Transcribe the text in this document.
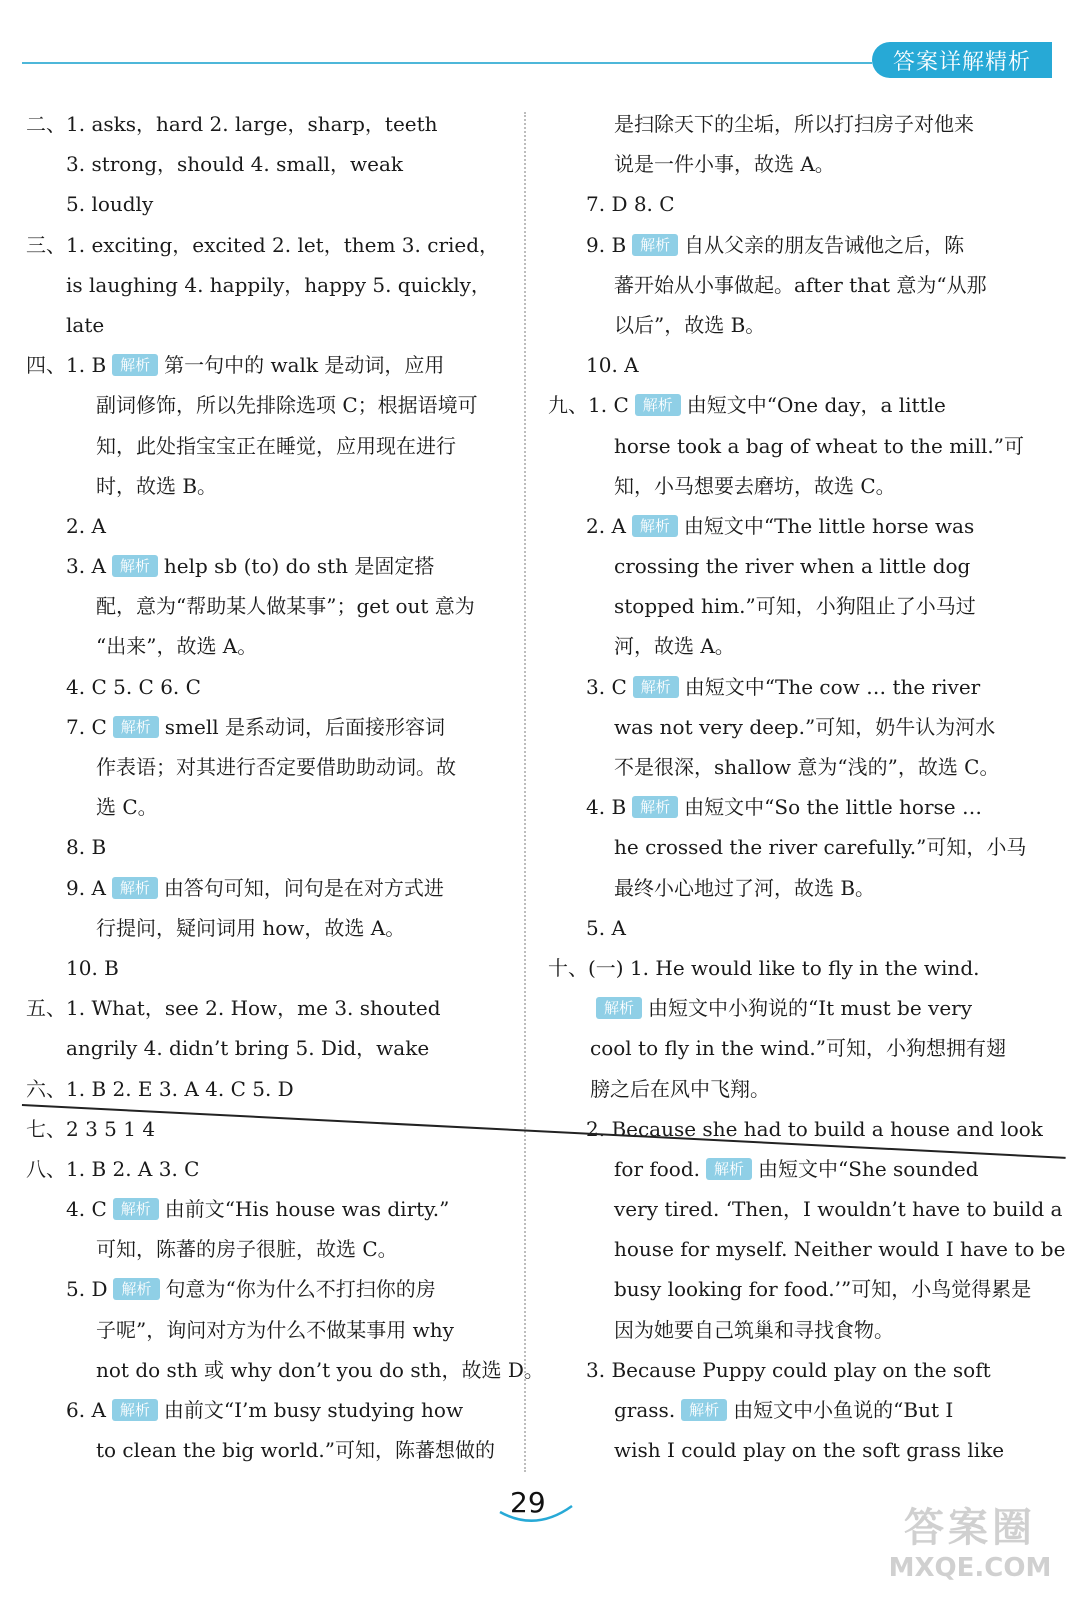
答案详解精析
二、1. asks，hard 2. large，sharp，teeth
3. strong，should 4. small，weak
5. loudly
三、1. exciting，excited 2. let，them 3. cried，
is laughing 4. happily，happy 5. quickly，
late
四、1. B 解析 第一句中的 walk 是动词，应用
副词修饰，所以先排除选项 C；根据语境可
知，此处指宝宝正在睡觉，应用现在进行
时，故选 B。
2. A
3. A 解析 help sb (to) do sth 是固定搭
配，意为“帮助某人做某事”；get out 意为
“出来”，故选 A。
4. C 5. C 6. C
7. C 解析 smell 是系动词，后面接形容词
作表语；对其进行否定要借助助动词。故
选 C。
8. B
9. A 解析 由答句可知，问句是在对方式进
行提问，疑问词用 how，故选 A。
10. B
五、1. What，see 2. How，me 3. shouted
angrily 4. didn’t bring 5. Did，wake
六、1. B 2. E 3. A 4. C 5. D
七、2 3 5 1 4
八、1. B 2. A 3. C
4. C 解析 由前文“His house was dirty.”
可知，陈蕃的房子很脏，故选 C。
5. D 解析 句意为“你为什么不打扫你的房
子呢”，询问对方为什么不做某事用 why
not do sth 或 why don’t you do sth，故选 D。
6. A 解析 由前文“I’m busy studying how
to clean the big world.”可知，陈蕃想做的
是扫除天下的尘垢，所以打扫房子对他来
说是一件小事，故选 A。
7. D 8. C
9. B 解析 自从父亲的朋友告诫他之后，陈
蕃开始从小事做起。after that 意为“从那
以后”，故选 B。
10. A
九、1. C 解析 由短文中“One day，a little
horse took a bag of wheat to the mill.”可
知，小马想要去磨坊，故选 C。
2. A 解析 由短文中“The little horse was
crossing the river when a little dog
stopped him.”可知，小狗阻止了小马过
河，故选 A。
3. C 解析 由短文中“The cow … the river
was not very deep.”可知，奶牛认为河水
不是很深，shallow 意为“浅的”，故选 C。
4. B 解析 由短文中“So the little horse …
he crossed the river carefully.”可知，小马
最终小心地过了河，故选 B。
5. A
十、(一) 1. He would like to fly in the wind.
解析 由短文中小狗说的“It must be very
cool to fly in the wind.”可知，小狗想拥有翅
膀之后在风中飞翔。
2. Because she had to build a house and look
for food. 解析 由短文中“She sounded
very tired. ‘Then，I wouldn’t have to build a
house for myself. Neither would I have to be
busy looking for food.’”可知，小鸟觉得累是
因为她要自己筑巢和寻找食物。
3. Because Puppy could play on the soft
grass. 解析 由短文中小鱼说的“But I
wish I could play on the soft grass like
29
答案圈
MXQE.COM
